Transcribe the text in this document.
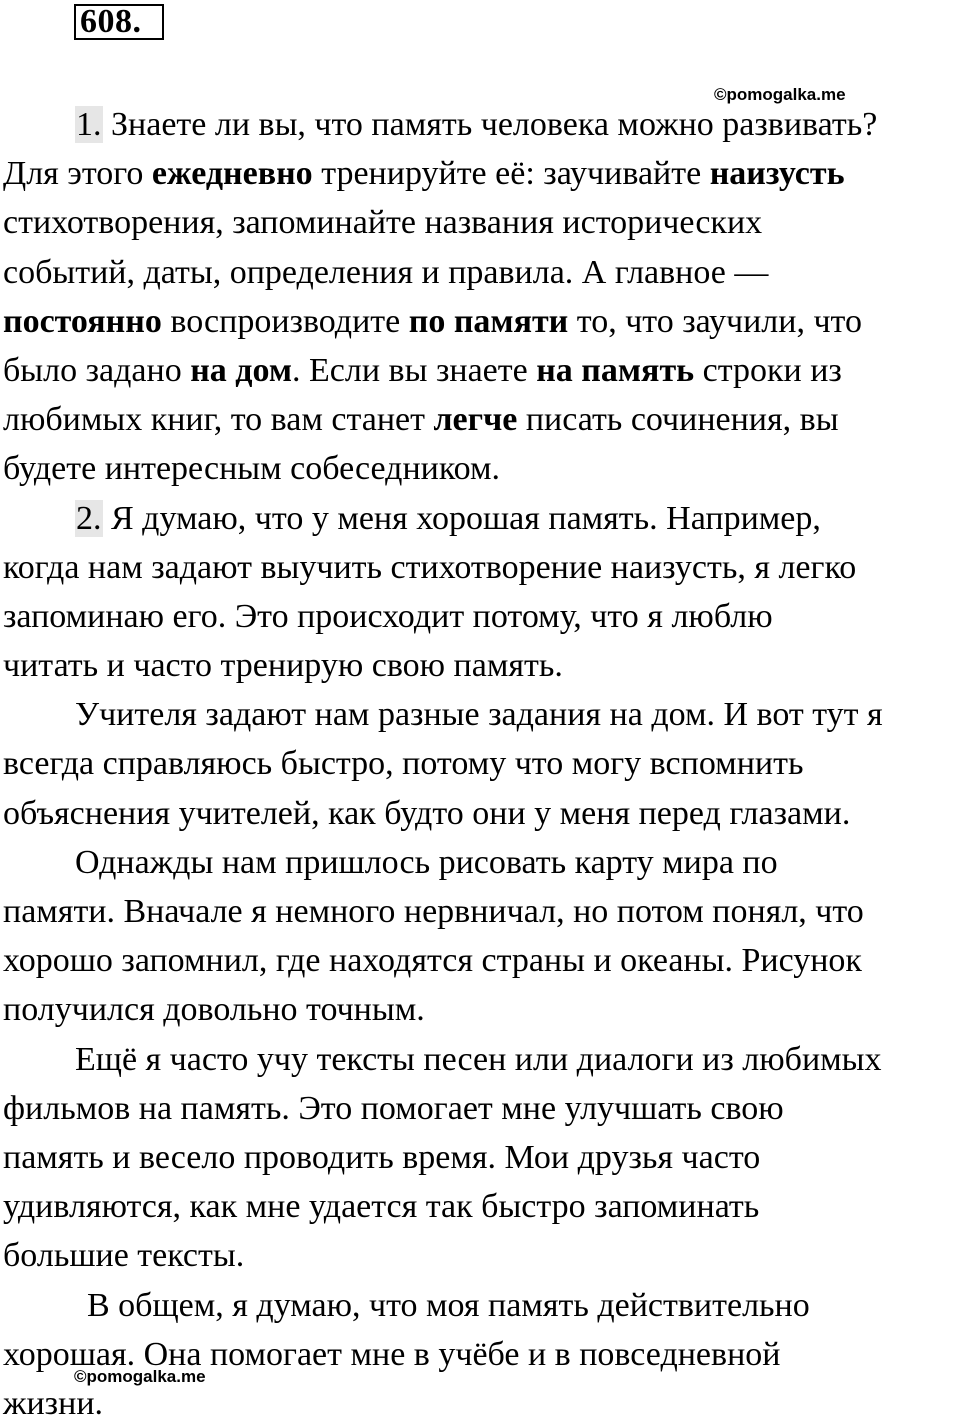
608.
©pomogalka.me
1. Знаете ли вы, что память человека можно развивать?
Для этого ежедневно тренируйте её: заучивайте наизусть
стихотворения, запоминайте названия исторических
событий, даты, определения и правила. А главное —
постоянно воспроизводите по памяти то, что заучили, что
было задано на дом. Если вы знаете на память строки из
любимых книг, то вам станет легче писать сочинения, вы
будете интересным собеседником.
2. Я думаю, что у меня хорошая память. Например,
когда нам задают выучить стихотворение наизусть, я легко
запоминаю его. Это происходит потому, что я люблю
читать и часто тренирую свою память.
Учителя задают нам разные задания на дом. И вот тут я
всегда справляюсь быстро, потому что могу вспомнить
объяснения учителей, как будто они у меня перед глазами.
Однажды нам пришлось рисовать карту мира по
памяти. Вначале я немного нервничал, но потом понял, что
хорошо запомнил, где находятся страны и океаны. Рисунок
получился довольно точным.
Ещё я часто учу тексты песен или диалоги из любимых
фильмов на память. Это помогает мне улучшать свою
память и весело проводить время. Мои друзья часто
удивляются, как мне удается так быстро запоминать
большие тексты.
В общем, я думаю, что моя память действительно
хорошая. Она помогает мне в учёбе и в повседневной
жизни.
©pomogalka.me
